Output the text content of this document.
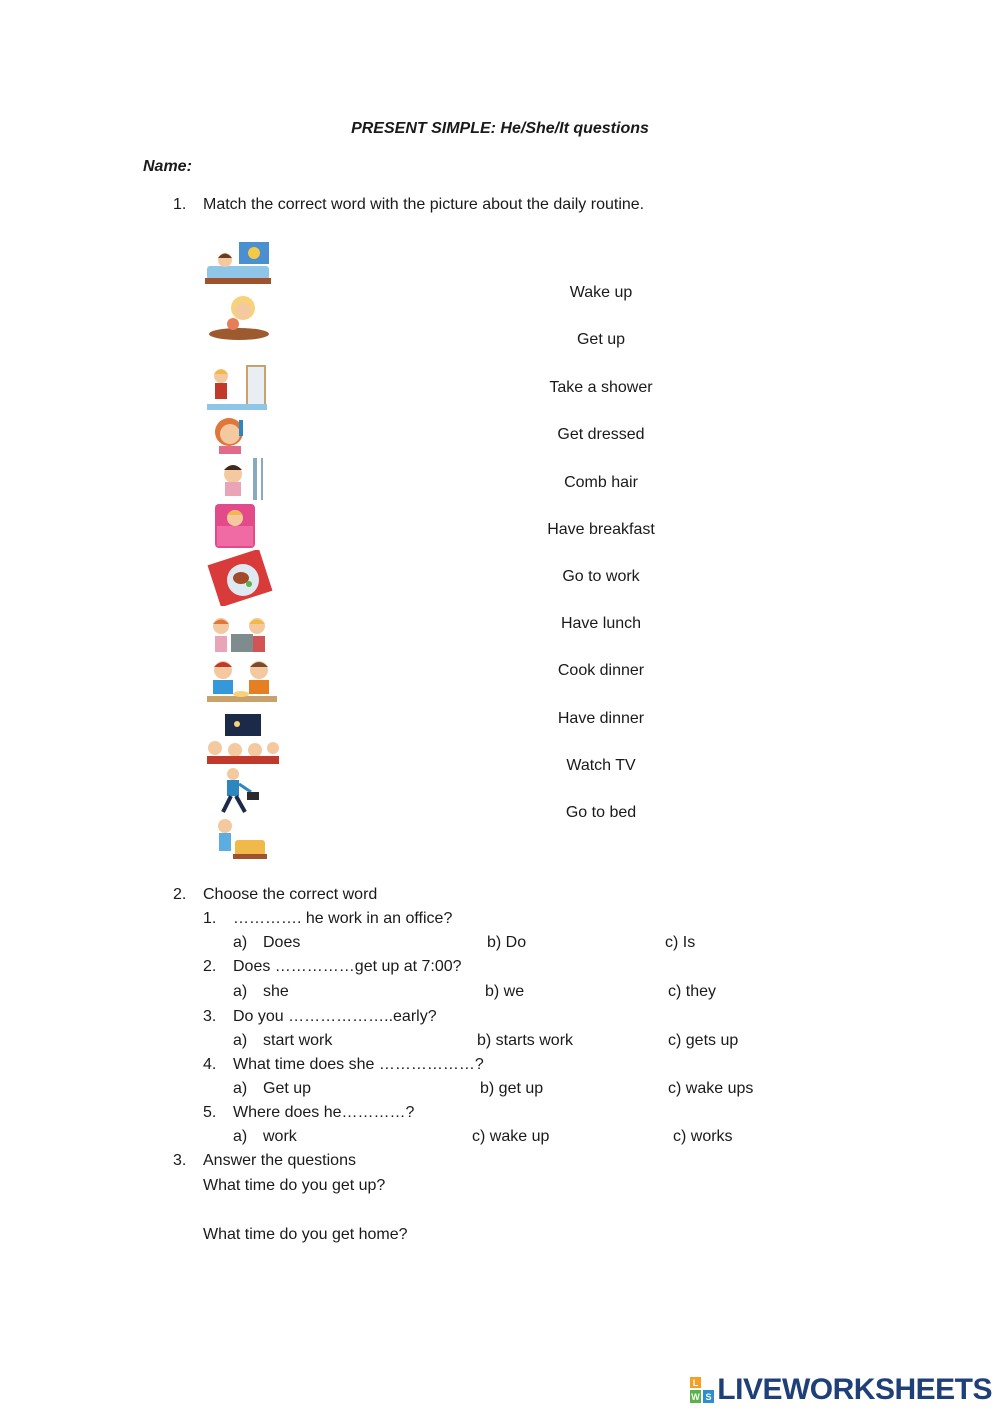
PRESENT SIMPLE: He/She/It questions
Name:
1. Match the correct word with the picture about the daily routine.
Wake up
Get up
Take a shower
Get dressed
Comb hair
Have breakfast
Go to work
Have lunch
Cook dinner
Have dinner
Watch TV
Go to bed
2. Choose the correct word
1. …………. he work in an office?
a) Does	b) Do	c) Is
2. Does ……………get up at 7:00?
a) she	b) we	c) they
3. Do you ………………..early?
a) start work	b) starts work	c) gets up
4. What time does she ………………?
a) Get up	b) get up	c) wake ups
5. Where does he…………?
a) work	c) wake up	c) works
3. Answer the questions
What time do you get up?
What time do you get home?
L
W S LIVEWORKSHEETS
